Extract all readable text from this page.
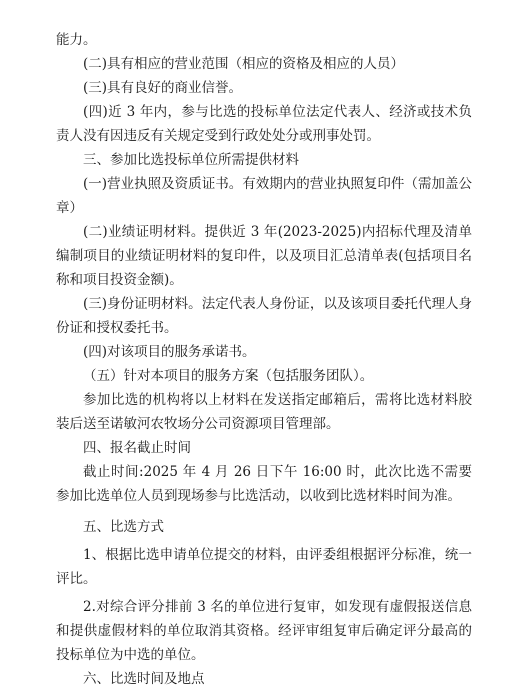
能力。

(二)具有相应的营业范围（相应的资格及相应的人员）

(三)具有良好的商业信誉。

(四)近 3 年内，参与比选的投标单位法定代表人、经济或技术负责人没有因违反有关规定受到行政处处分或刑事处罚。

三、参加比选投标单位所需提供材料

(一)营业执照及资质证书。有效期内的营业执照复印件（需加盖公章）

(二)业绩证明材料。提供近 3 年(2023-2025)内招标代理及清单编制项目的业绩证明材料的复印件，以及项目汇总清单表(包括项目名称和项目投资金额)。

(三)身份证明材料。法定代表人身份证，以及该项目委托代理人身份证和授权委托书。

(四)对该项目的服务承诺书。

（五）针对本项目的服务方案（包括服务团队）。

参加比选的机构将以上材料在发送指定邮箱后，需将比选材料胶装后送至诺敏河农牧场分公司资源项目管理部。

四、报名截止时间

截止时间:2025 年 4 月 26 日下午 16:00 时，此次比选不需要参加比选单位人员到现场参与比选活动，以收到比选材料时间为准。

五、比选方式

1、根据比选申请单位提交的材料，由评委组根据评分标准，统一评比。

2.对综合评分排前 3 名的单位进行复审，如发现有虚假报送信息和提供虚假材料的单位取消其资格。经评审组复审后确定评分最高的投标单位为中选的单位。

六、比选时间及地点
